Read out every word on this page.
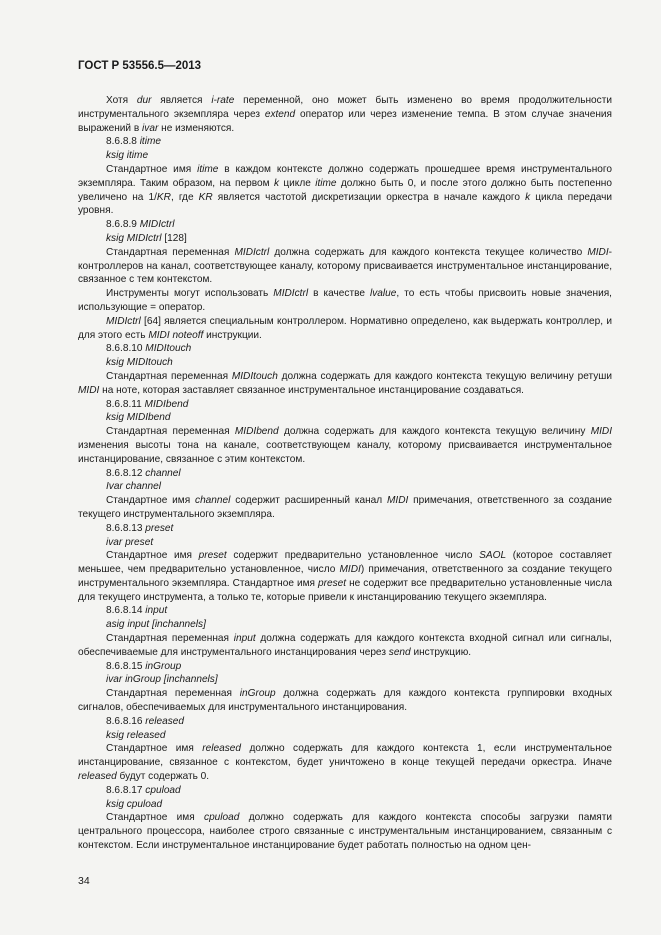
ГОСТ Р 53556.5—2013

Хотя dur является i-rate переменной, оно может быть изменено во время продолжительности инструментального экземпляра через extend оператор или через изменение темпа. В этом случае значения выражений в ivar не изменяются.

8.6.8.8 itime

ksig itime

Стандартное имя itime в каждом контексте должно содержать прошедшее время инструментального экземпляра. Таким образом, на первом k цикле itime должно быть 0, и после этого должно быть постепенно увеличено на 1/KR, где KR является частотой дискретизации оркестра в начале каждого k цикла передачи уровня.

8.6.8.9 MIDIctrl

ksig MIDIctrl [128]

Стандартная переменная MIDIctrl должна содержать для каждого контекста текущее количество MIDI-контроллеров на канал, соответствующее каналу, которому присваивается инструментальное инстанцирование, связанное с тем контекстом.

Инструменты могут использовать MIDIctrl в качестве lvalue, то есть чтобы присвоить новые значения, использующие = оператор.

MIDIctrl [64] является специальным контроллером. Нормативно определено, как выдержать контроллер, и для этого есть MIDI noteoff инструкции.

8.6.8.10 MIDItouch

ksig MIDItouch

Стандартная переменная MIDItouch должна содержать для каждого контекста текущую величину ретуши MIDI на ноте, которая заставляет связанное инструментальное инстанцирование создаваться.

8.6.8.11 MIDIbend

ksig MIDIbend

Стандартная переменная MIDIbend должна содержать для каждого контекста текущую величину MIDI изменения высоты тона на канале, соответствующем каналу, которому присваивается инструментальное инстанцирование, связанное с этим контекстом.

8.6.8.12 channel

Ivar channel

Стандартное имя channel содержит расширенный канал MIDI примечания, ответственного за создание текущего инструментального экземпляра.

8.6.8.13 preset

ivar preset

Стандартное имя preset содержит предварительно установленное число SAOL (которое составляет меньшее, чем предварительно установленное, число MIDI) примечания, ответственного за создание текущего инструментального экземпляра. Стандартное имя preset не содержит все предварительно установленные числа для текущего инструмента, а только те, которые привели к инстанцированию текущего экземпляра.

8.6.8.14 input

asig input [inchannels]

Стандартная переменная input должна содержать для каждого контекста входной сигнал или сигналы, обеспечиваемые для инструментального инстанцирования через send инструкцию.

8.6.8.15 inGroup

ivar inGroup [inchannels]

Стандартная переменная inGroup должна содержать для каждого контекста группировки входных сигналов, обеспечиваемых для инструментального инстанцирования.

8.6.8.16 released

ksig released

Стандартное имя released должно содержать для каждого контекста 1, если инструментальное инстанцирование, связанное с контекстом, будет уничтожено в конце текущей передачи оркестра. Иначе released будут содержать 0.

8.6.8.17 cpuload

ksig cpuload

Стандартное имя cpuload должно содержать для каждого контекста способы загрузки памяти центрального процессора, наиболее строго связанные с инструментальным инстанцированием, связанным с контекстом. Если инструментальное инстанцирование будет работать полностью на одном цен-

34
